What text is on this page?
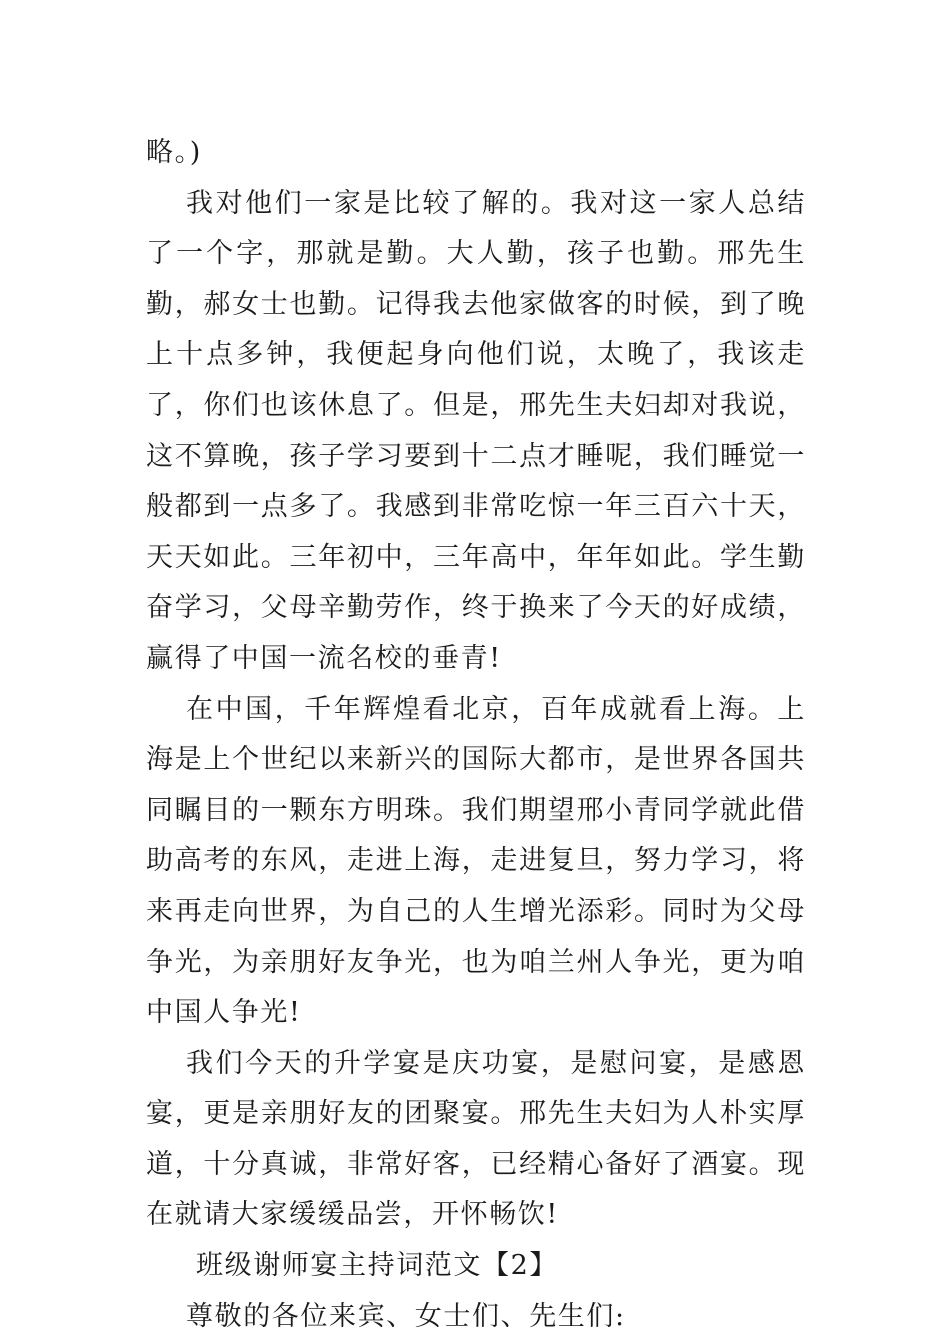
略。)

我对他们一家是比较了解的。我对这一家人总结了一个字，那就是勤。大人勤，孩子也勤。邢先生勤，郝女士也勤。记得我去他家做客的时候，到了晚上十点多钟，我便起身向他们说，太晚了，我该走了，你们也该休息了。但是，邢先生夫妇却对我说，这不算晚，孩子学习要到十二点才睡呢，我们睡觉一般都到一点多了。我感到非常吃惊一年三百六十天，天天如此。三年初中，三年高中，年年如此。学生勤奋学习，父母辛勤劳作，终于换来了今天的好成绩，赢得了中国一流名校的垂青!

在中国，千年辉煌看北京，百年成就看上海。上海是上个世纪以来新兴的国际大都市，是世界各国共同瞩目的一颗东方明珠。我们期望邢小青同学就此借助高考的东风，走进上海，走进复旦，努力学习，将来再走向世界，为自己的人生增光添彩。同时为父母争光，为亲朋好友争光，也为咱兰州人争光，更为咱中国人争光!

我们今天的升学宴是庆功宴，是慰问宴，是感恩宴，更是亲朋好友的团聚宴。邢先生夫妇为人朴实厚道，十分真诚，非常好客，已经精心备好了酒宴。现在就请大家缓缓品尝，开怀畅饮!

班级谢师宴主持词范文【2】

尊敬的各位来宾、女士们、先生们:
